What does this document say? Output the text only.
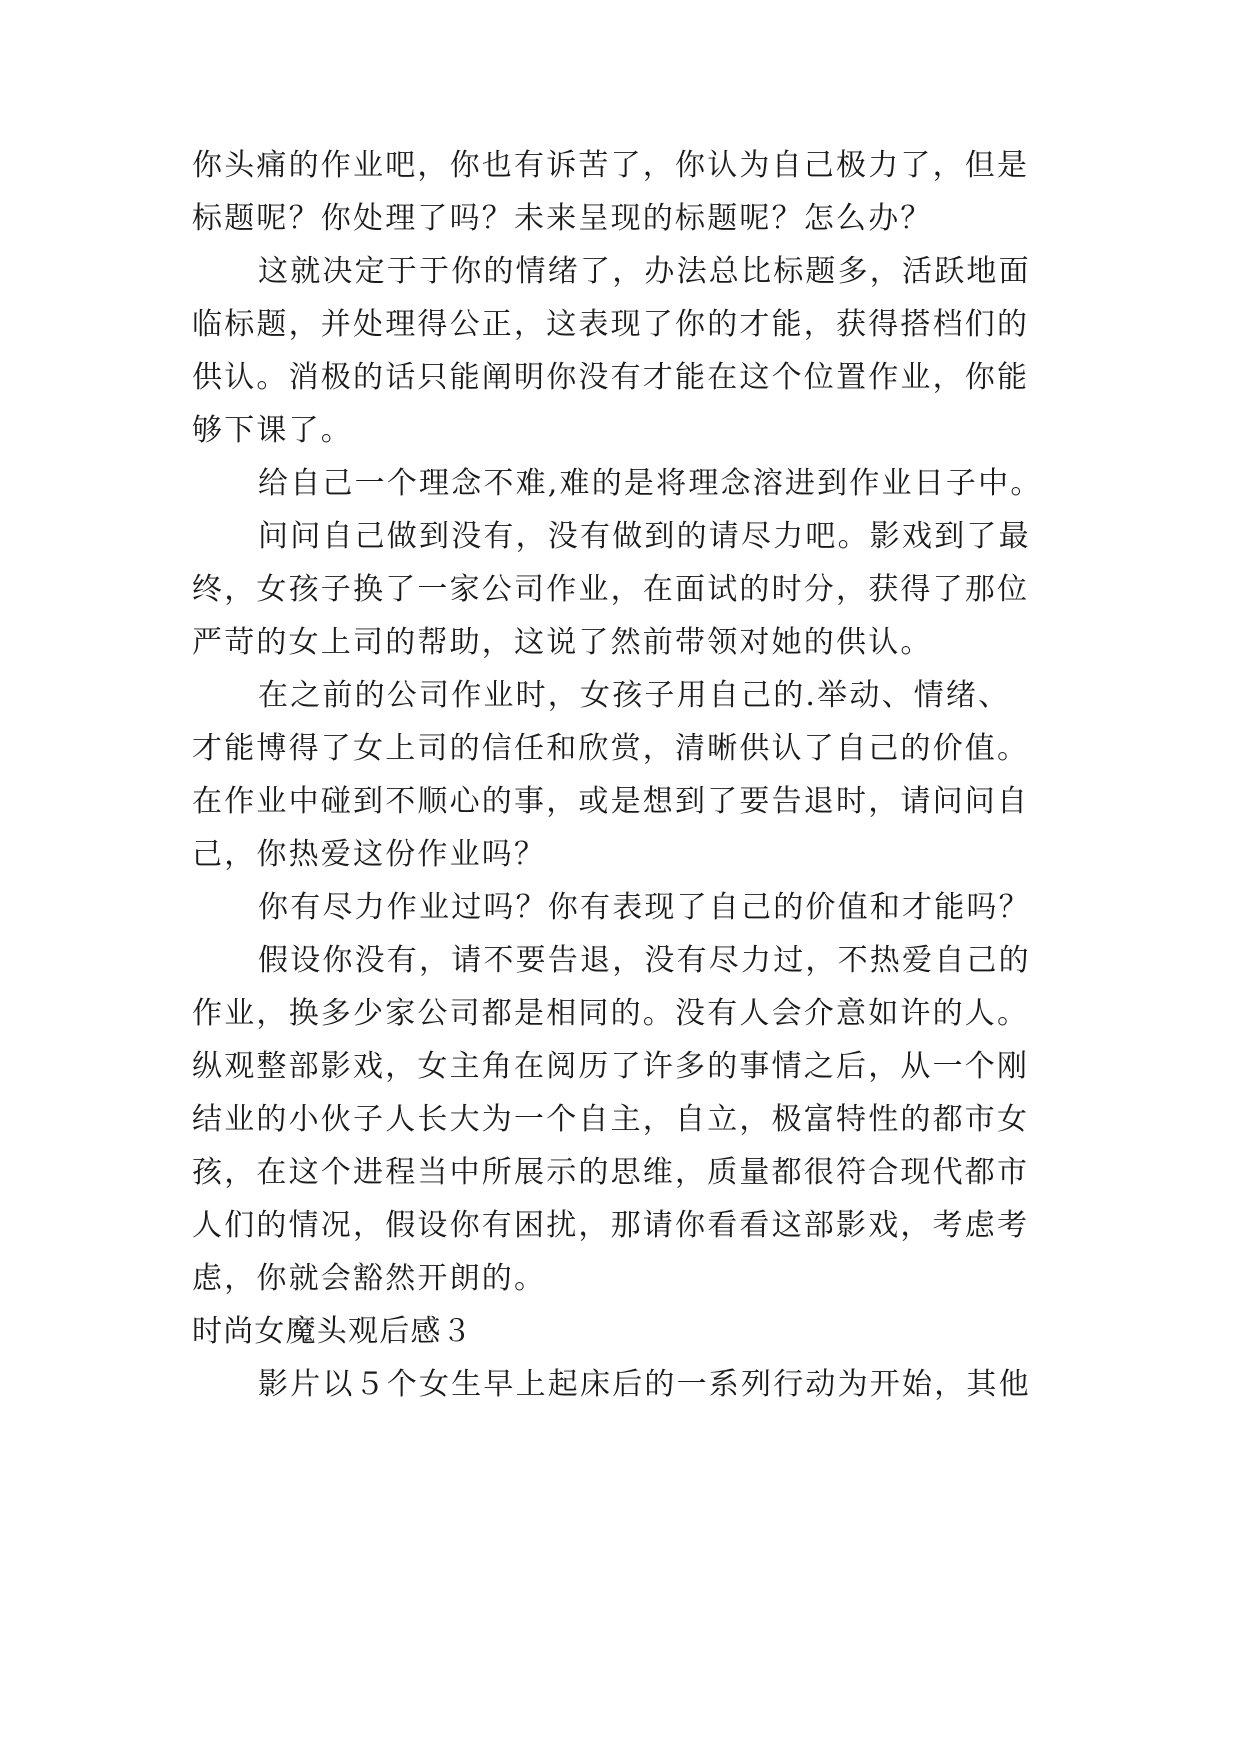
你头痛的作业吧，你也有诉苦了，你认为自己极力了，但是
标题呢？你处理了吗？未来呈现的标题呢？怎么办？
这就决定于于你的情绪了，办法总比标题多，活跃地面
临标题，并处理得公正，这表现了你的才能，获得搭档们的
供认。消极的话只能阐明你没有才能在这个位置作业，你能
够下课了。
给自己一个理念不难,难的是将理念溶进到作业日子中。
问问自己做到没有，没有做到的请尽力吧。影戏到了最
终，女孩子换了一家公司作业，在面试的时分，获得了那位
严苛的女上司的帮助，这说了然前带领对她的供认。
在之前的公司作业时，女孩子用自己的.举动、情绪、
才能博得了女上司的信任和欣赏，清晰供认了自己的价值。
在作业中碰到不顺心的事，或是想到了要告退时，请问问自
己，你热爱这份作业吗？
你有尽力作业过吗？你有表现了自己的价值和才能吗？
假设你没有，请不要告退，没有尽力过，不热爱自己的
作业，换多少家公司都是相同的。没有人会介意如许的人。
纵观整部影戏，女主角在阅历了许多的事情之后，从一个刚
结业的小伙子人长大为一个自主，自立，极富特性的都市女
孩，在这个进程当中所展示的思维，质量都很符合现代都市
人们的情况，假设你有困扰，那请你看看这部影戏，考虑考
虑，你就会豁然开朗的。
时尚女魔头观后感３
影片以５个女生早上起床后的一系列行动为开始，其他
